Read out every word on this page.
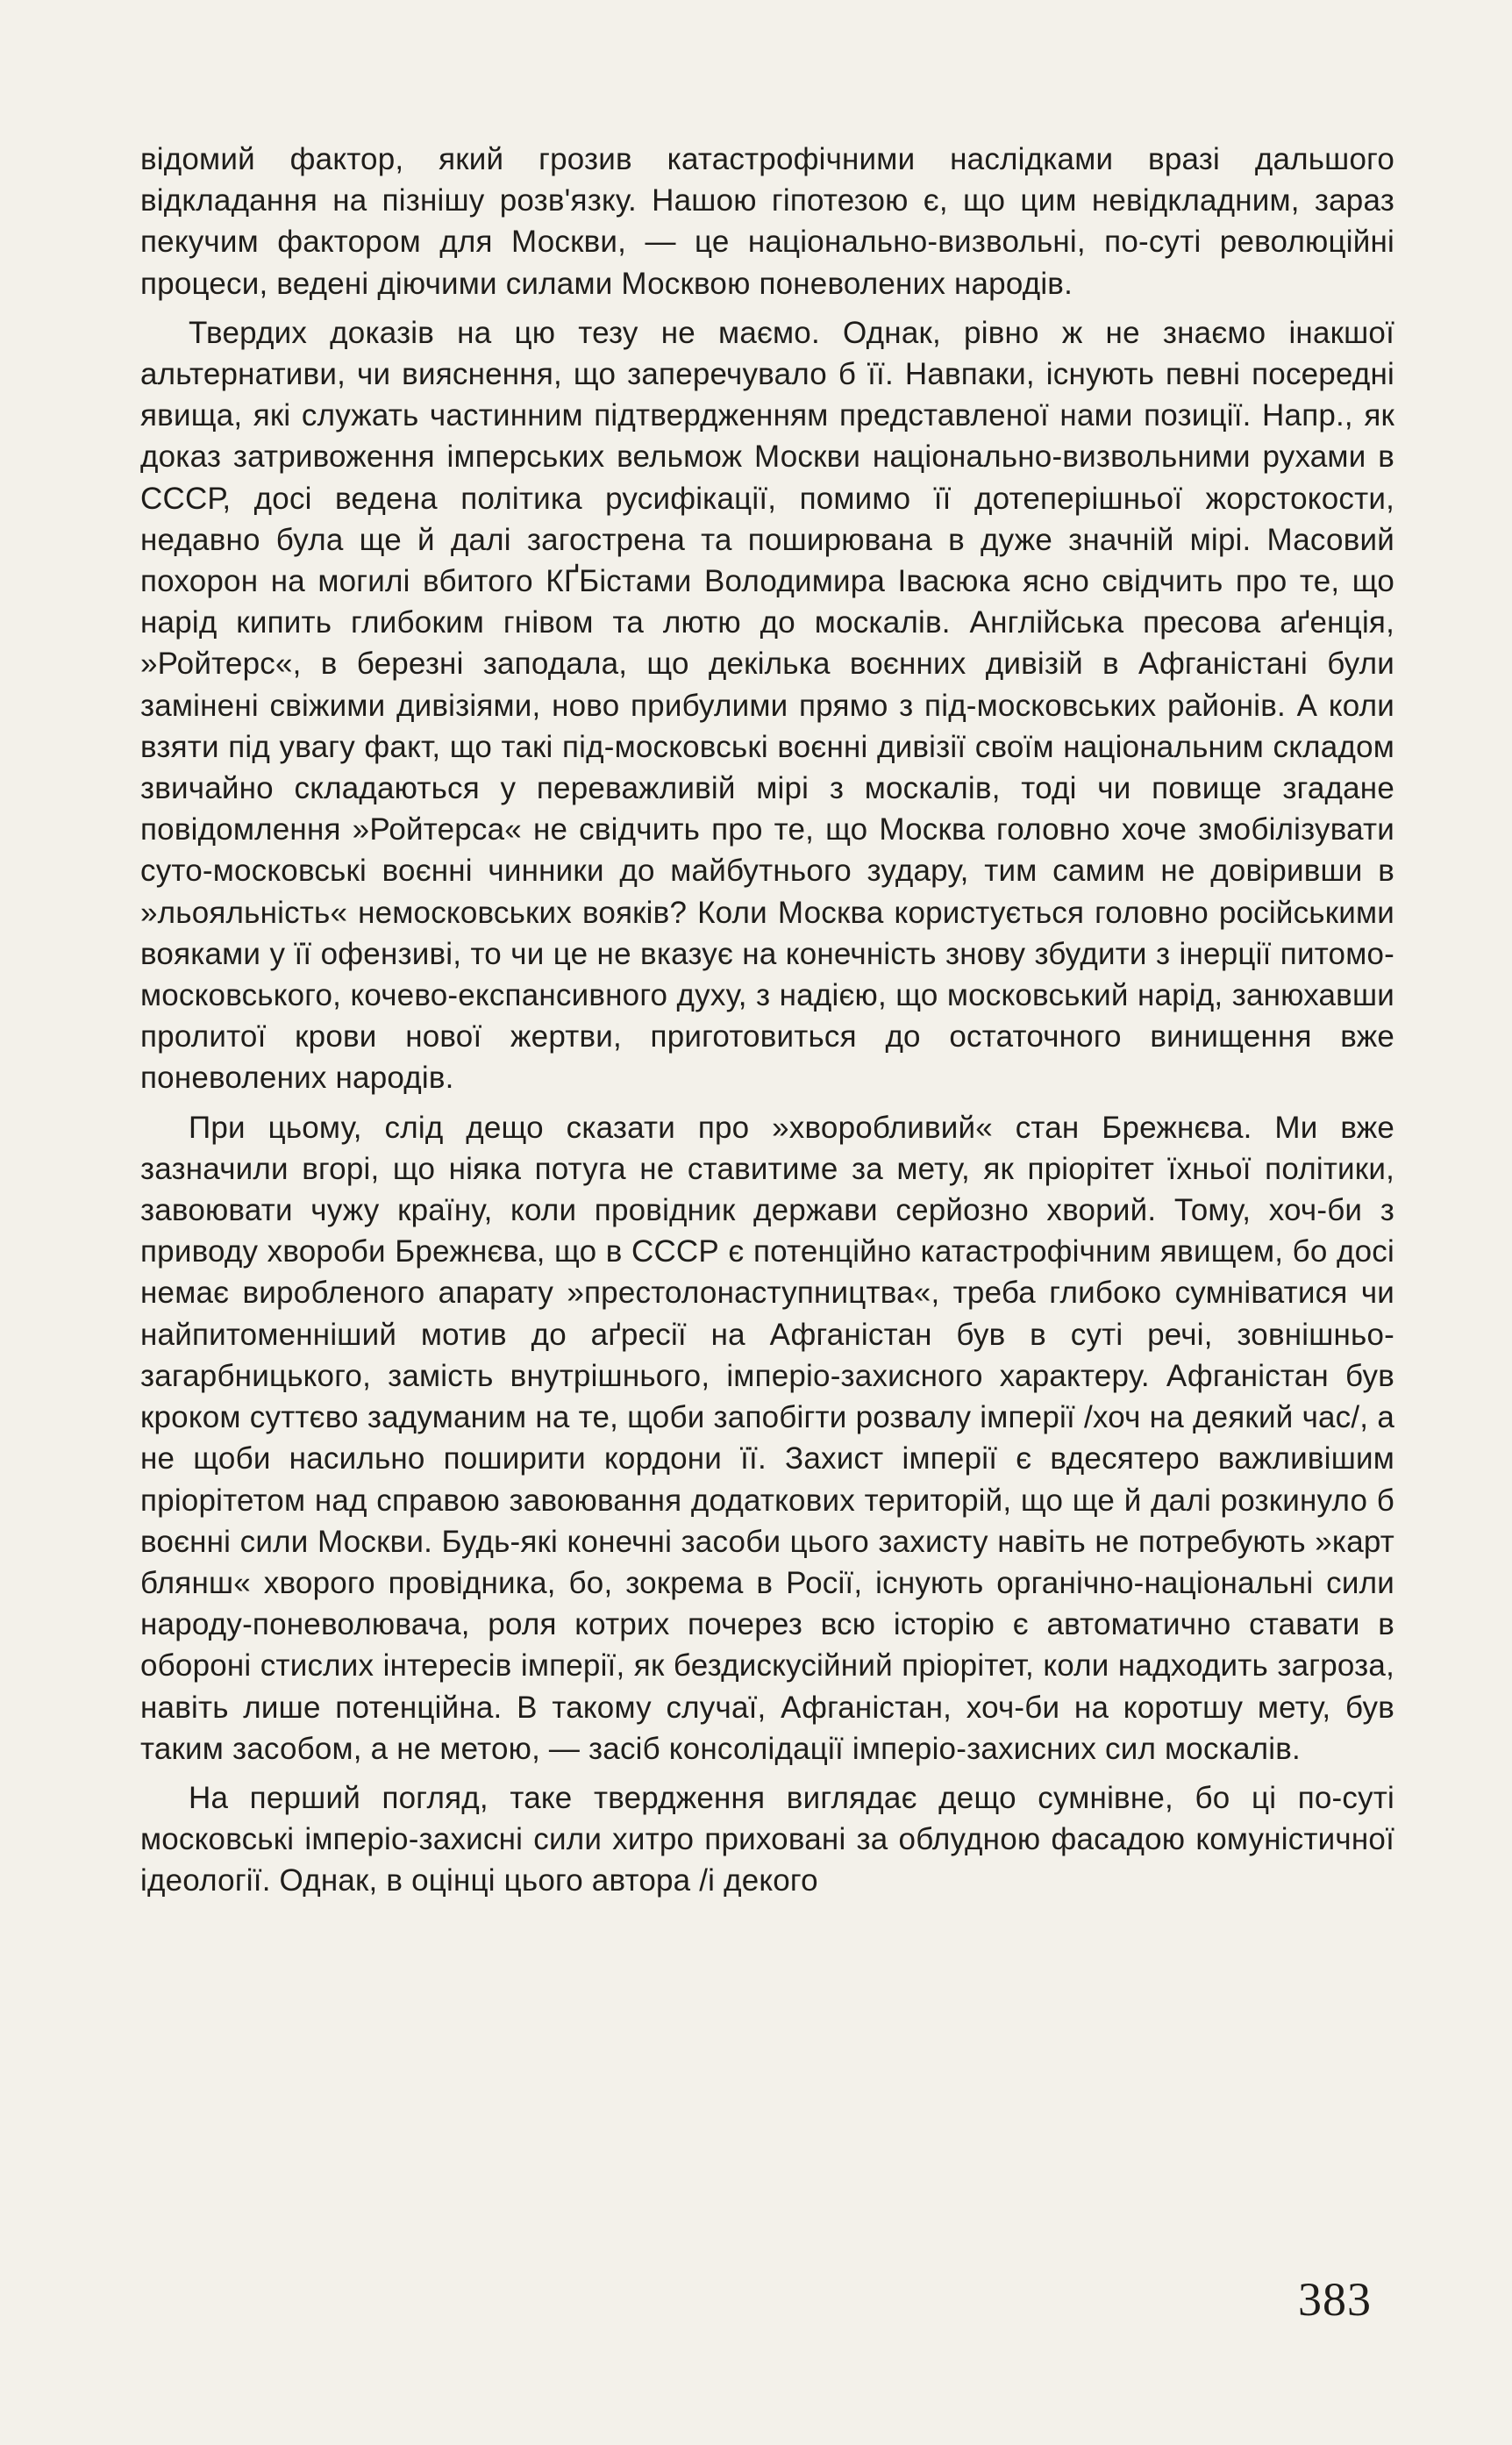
відомий фактор, який грозив катастрофічними наслідками вразі дальшого відкладання на пізнішу розв'язку. Нашою гіпотезою є, що цим невідкладним, зараз пекучим фактором для Москви, — це національно-визвольні, по-суті революційні процеси, ведені діючими силами Москвою поневолених народів.

Твердих доказів на цю тезу не маємо. Однак, рівно ж не знаємо інакшої альтернативи, чи вияснення, що заперечувало б її. Навпаки, існують певні посередні явища, які служать частинним підтвердженням представленої нами позиції. Напр., як доказ затривоження імперських вельмож Москви національно-визвольними рухами в СССР, досі ведена політика русифікації, помимо її дотеперішньої жорстокости, недавно була ще й далі загострена та поширювана в дуже значній мірі. Масовий похорон на могилі вбитого КҐБістами Володимира Івасюка ясно свідчить про те, що нарід кипить глибоким гнівом та лютю до москалів. Англійська пресова аґенція, »Ройтерс«, в березні заподала, що декілька воєнних дивізій в Афганістані були замінені свіжими дивізіями, ново прибулими прямо з під-московських районів. А коли взяти під увагу факт, що такі під-московські воєнні дивізії своїм національним складом звичайно складаються у переважливій мірі з москалів, тоді чи повище згадане повідомлення »Ройтерса« не свідчить про те, що Москва головно хоче змобілізувати суто-московські воєнні чинники до майбутнього зудару, тим самим не довіривши в »льояльність« немосковських вояків? Коли Москва користується головно російськими вояками у її офензиві, то чи це не вказує на конечність знову збудити з інерції питомо-московського, кочево-експансивного духу, з надією, що московський нарід, занюхавши пролитої крови нової жертви, приготовиться до остаточного винищення вже поневолених народів.

При цьому, слід дещо сказати про »хворобливий« стан Брежнєва. Ми вже зазначили вгорі, що ніяка потуга не ставитиме за мету, як пріорітет їхньої політики, завоювати чужу країну, коли провідник держави серйозно хворий. Тому, хоч-би з приводу хвороби Брежнєва, що в СССР є потенційно катастрофічним явищем, бо досі немає виробленого апарату »престолонаступництва«, треба глибоко сумніватися чи найпитоменніший мотив до аґресії на Афганістан був в суті речі, зовнішньо-загарбницького, замість внутрішнього, імперіо-захисного характеру. Афганістан був кроком суттєво задуманим на те, щоби запобігти розвалу імперії /хоч на деякий час/, а не щоби насильно поширити кордони її. Захист імперії є вдесятеро важливішим пріорітетом над справою завоювання додаткових територій, що ще й далі розкинуло б воєнні сили Москви. Будь-які конечні засоби цього захисту навіть не потребують »карт блянш« хворого провідника, бо, зокрема в Росії, існують органічно-національні сили народу-поневолювача, роля котрих почерез всю історію є автоматично ставати в обороні стислих інтересів імперії, як бездискусійний пріорітет, коли надходить загроза, навіть лише потенційна. В такому случаї, Афганістан, хоч-би на коротшу мету, був таким засобом, а не метою, — засіб консолідації імперіо-захисних сил москалів.

На перший погляд, таке твердження виглядає дещо сумнівне, бо ці по-суті московські імперіо-захисні сили хитро приховані за облудною фасадою комуністичної ідеології. Однак, в оцінці цього автора /і декого

383
